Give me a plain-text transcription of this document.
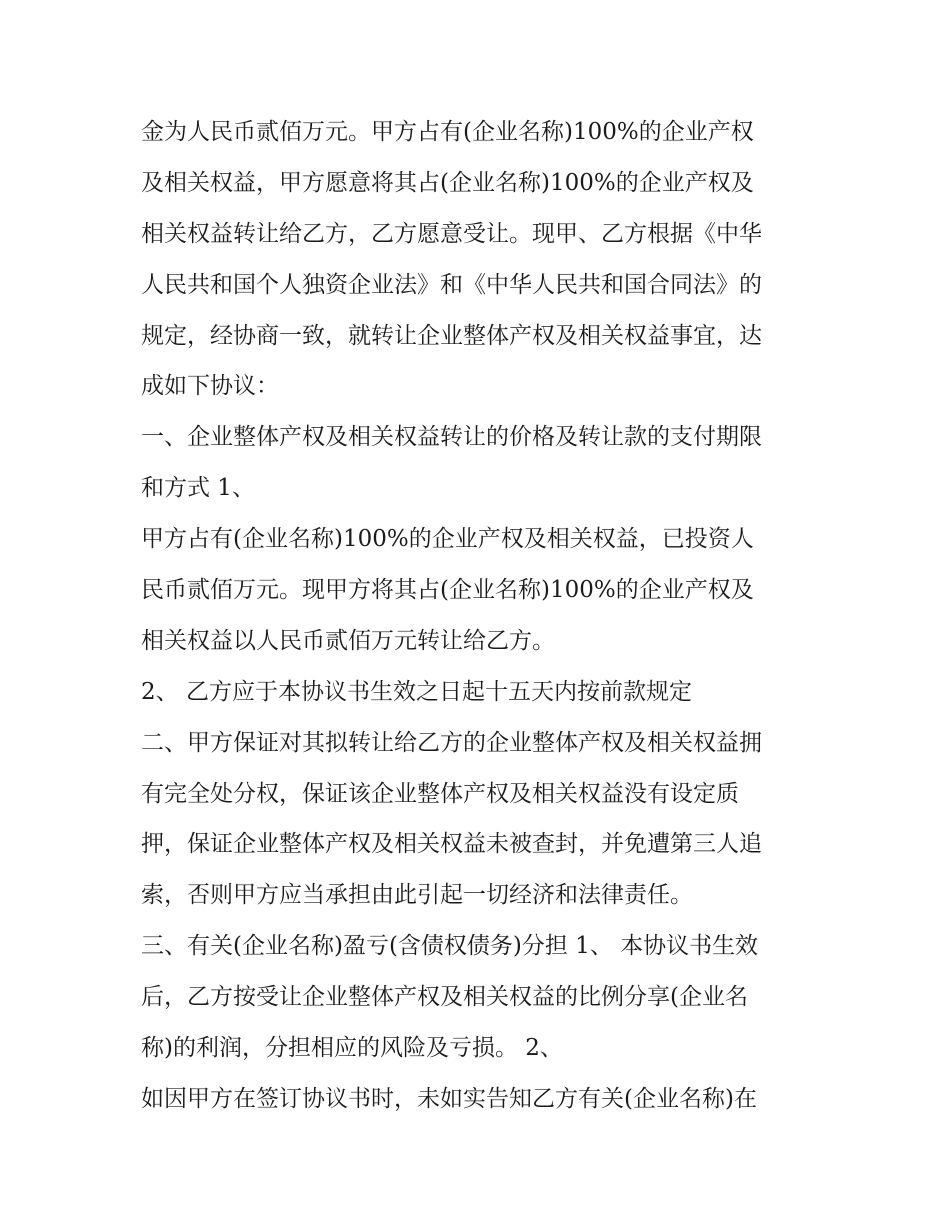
金为人民币贰佰万元。甲方占有(企业名称)100%的企业产权
及相关权益，甲方愿意将其占(企业名称)100%的企业产权及
相关权益转让给乙方，乙方愿意受让。现甲、乙方根据《中华
人民共和国个人独资企业法》和《中华人民共和国合同法》的
规定，经协商一致，就转让企业整体产权及相关权益事宜，达
成如下协议：
一、企业整体产权及相关权益转让的价格及转让款的支付期限
和方式 1、
甲方占有(企业名称)100%的企业产权及相关权益，已投资人
民币贰佰万元。现甲方将其占(企业名称)100%的企业产权及
相关权益以人民币贰佰万元转让给乙方。
2、 乙方应于本协议书生效之日起十五天内按前款规定
二、甲方保证对其拟转让给乙方的企业整体产权及相关权益拥
有完全处分权，保证该企业整体产权及相关权益没有设定质
押，保证企业整体产权及相关权益未被查封，并免遭第三人追
索，否则甲方应当承担由此引起一切经济和法律责任。
三、有关(企业名称)盈亏(含债权债务)分担 1、 本协议书生效
后，乙方按受让企业整体产权及相关权益的比例分享(企业名
称)的利润，分担相应的风险及亏损。 2、
如因甲方在签订协议书时，未如实告知乙方有关(企业名称)在
